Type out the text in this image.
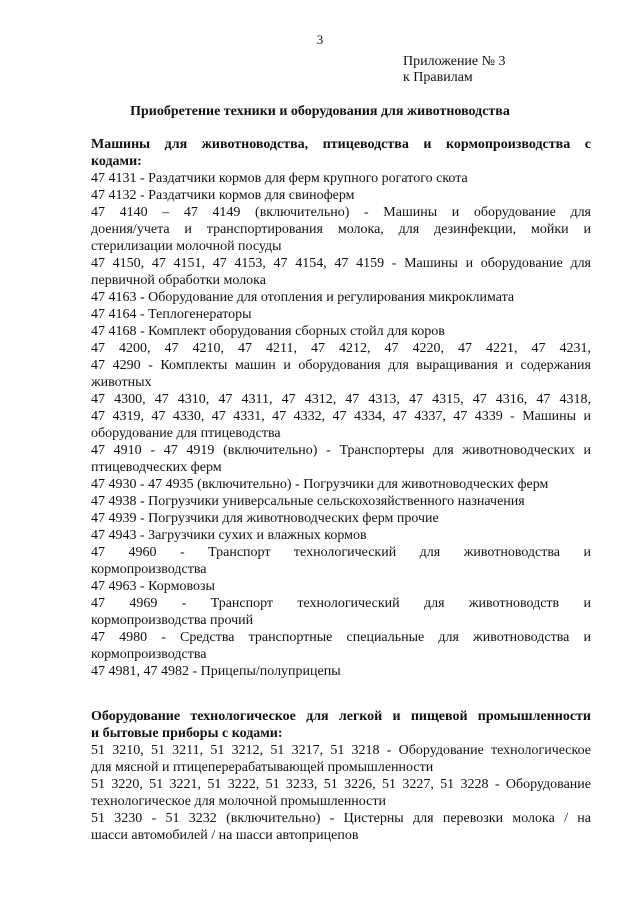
3
Приложение № 3
к Правилам
Приобретение техники и оборудования для животноводства
Машины для животноводства, птицеводства и кормопроизводства с
кодами:
47 4131 - Раздатчики кормов для ферм крупного рогатого скота
47 4132 - Раздатчики кормов для свиноферм
47 4140 – 47 4149 (включительно) - Машины и оборудование для
доения/учета и транспортирования молока, для дезинфекции, мойки и
стерилизации молочной посуды
47 4150, 47 4151, 47 4153, 47 4154, 47 4159 - Машины и оборудование для
первичной обработки молока
47 4163 - Оборудование для отопления и регулирования микроклимата
47 4164 - Теплогенераторы
47 4168 - Комплект оборудования сборных стойл для коров
47 4200, 47 4210, 47 4211, 47 4212, 47 4220, 47 4221, 47 4231,
47 4290 - Комплекты машин и оборудования для выращивания и содержания
животных
47 4300, 47 4310, 47 4311, 47 4312, 47 4313, 47 4315, 47 4316, 47 4318,
47 4319, 47 4330, 47 4331, 47 4332, 47 4334, 47 4337, 47 4339 - Машины и
оборудование для птицеводства
47 4910 - 47 4919 (включительно) - Транспортеры для животноводческих и
птицеводческих ферм
47 4930 - 47 4935 (включительно) - Погрузчики для животноводческих ферм
47 4938 - Погрузчики универсальные сельскохозяйственного назначения
47 4939 - Погрузчики для животноводческих ферм прочие
47 4943 - Загрузчики сухих и влажных кормов
47 4960 - Транспорт технологический для животноводства и
кормопроизводства
47 4963 - Кормовозы
47 4969 - Транспорт технологический для животноводств и
кормопроизводства прочий
47 4980 - Средства транспортные специальные для животноводства и
кормопроизводства
47 4981, 47 4982 - Прицепы/полуприцепы
Оборудование технологическое для легкой и пищевой промышленности
и бытовые приборы с кодами:
51 3210, 51 3211, 51 3212, 51 3217, 51 3218 - Оборудование технологическое
для мясной и птицеперерабатывающей промышленности
51 3220, 51 3221, 51 3222, 51 3233, 51 3226, 51 3227, 51 3228 - Оборудование
технологическое для молочной промышленности
51 3230 - 51 3232 (включительно) - Цистерны для перевозки молока / на
шасси автомобилей / на шасси автоприцепов
